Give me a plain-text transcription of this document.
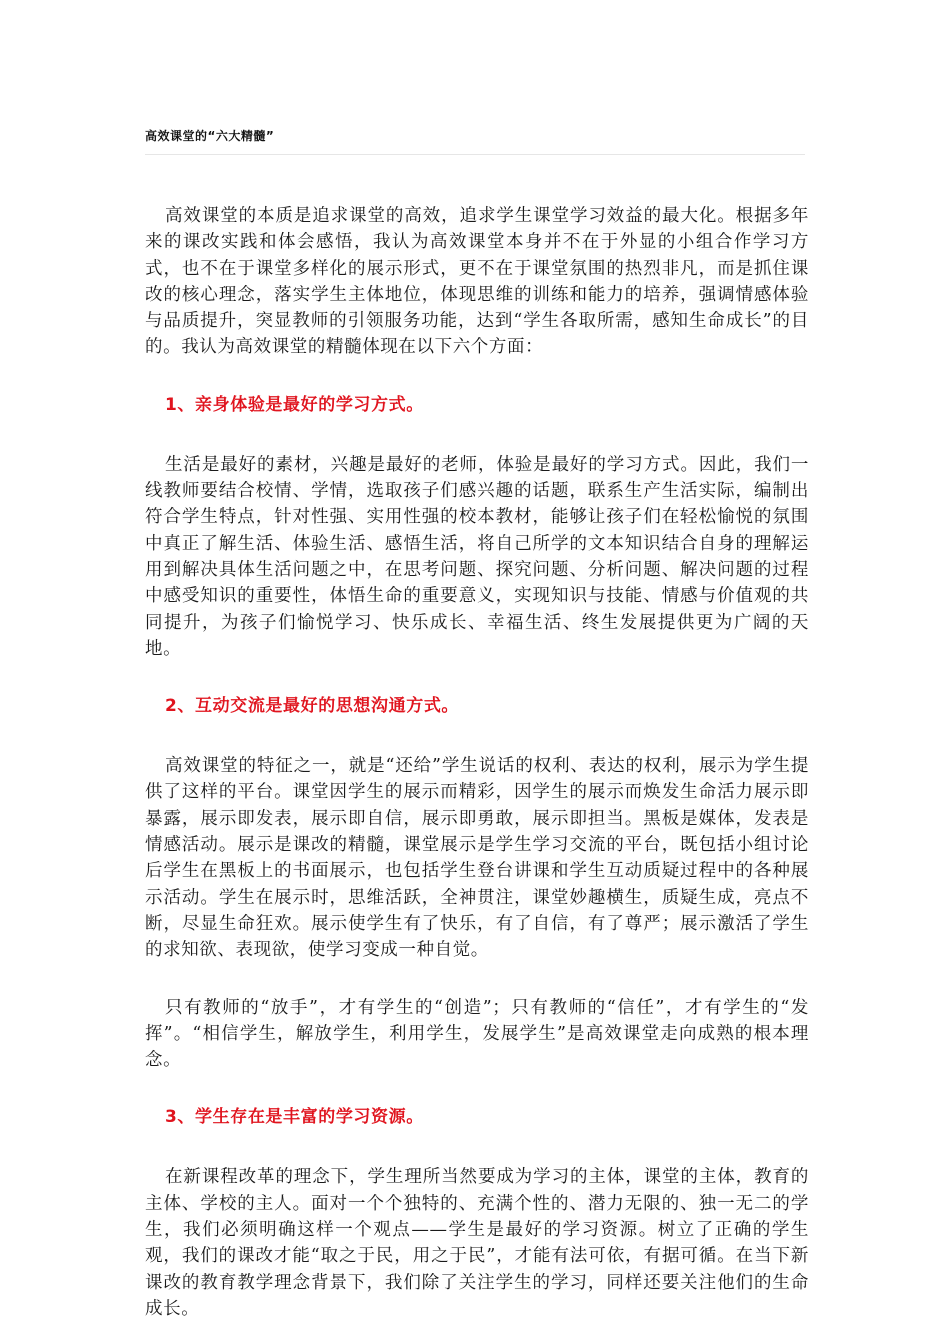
高效课堂的“六大精髓”

高效课堂的本质是追求课堂的高效，追求学生课堂学习效益的最大化。根据多年来的课改实践和体会感悟，我认为高效课堂本身并不在于外显的小组合作学习方式，也不在于课堂多样化的展示形式，更不在于课堂氛围的热烈非凡，而是抓住课改的核心理念，落实学生主体地位，体现思维的训练和能力的培养，强调情感体验与品质提升，突显教师的引领服务功能，达到“学生各取所需，感知生命成长”的目的。我认为高效课堂的精髓体现在以下六个方面：

1、亲身体验是最好的学习方式。

生活是最好的素材，兴趣是最好的老师，体验是最好的学习方式。因此，我们一线教师要结合校情、学情，选取孩子们感兴趣的话题，联系生产生活实际，编制出符合学生特点，针对性强、实用性强的校本教材，能够让孩子们在轻松愉悦的氛围中真正了解生活、体验生活、感悟生活，将自己所学的文本知识结合自身的理解运用到解决具体生活问题之中，在思考问题、探究问题、分析问题、解决问题的过程中感受知识的重要性，体悟生命的重要意义，实现知识与技能、情感与价值观的共同提升，为孩子们愉悦学习、快乐成长、幸福生活、终生发展提供更为广阔的天地。

2、互动交流是最好的思想沟通方式。

高效课堂的特征之一，就是“还给”学生说话的权利、表达的权利，展示为学生提供了这样的平台。课堂因学生的展示而精彩，因学生的展示而焕发生命活力展示即暴露，展示即发表，展示即自信，展示即勇敢，展示即担当。黑板是媒体，发表是情感活动。展示是课改的精髓，课堂展示是学生学习交流的平台，既包括小组讨论后学生在黑板上的书面展示，也包括学生登台讲课和学生互动质疑过程中的各种展示活动。学生在展示时，思维活跃，全神贯注，课堂妙趣横生，质疑生成，亮点不断，尽显生命狂欢。展示使学生有了快乐，有了自信，有了尊严；展示激活了学生的求知欲、表现欲，使学习变成一种自觉。

只有教师的“放手”，才有学生的“创造”；只有教师的“信任”，才有学生的“发挥”。“相信学生，解放学生，利用学生，发展学生”是高效课堂走向成熟的根本理念。

3、学生存在是丰富的学习资源。

在新课程改革的理念下，学生理所当然要成为学习的主体，课堂的主体，教育的主体、学校的主人。面对一个个独特的、充满个性的、潜力无限的、独一无二的学生，我们必须明确这样一个观点——学生是最好的学习资源。树立了正确的学生观，我们的课改才能“取之于民，用之于民”，才能有法可依，有据可循。在当下新课改的教育教学理念背景下，我们除了关注学生的学习，同样还要关注他们的生命成长。
